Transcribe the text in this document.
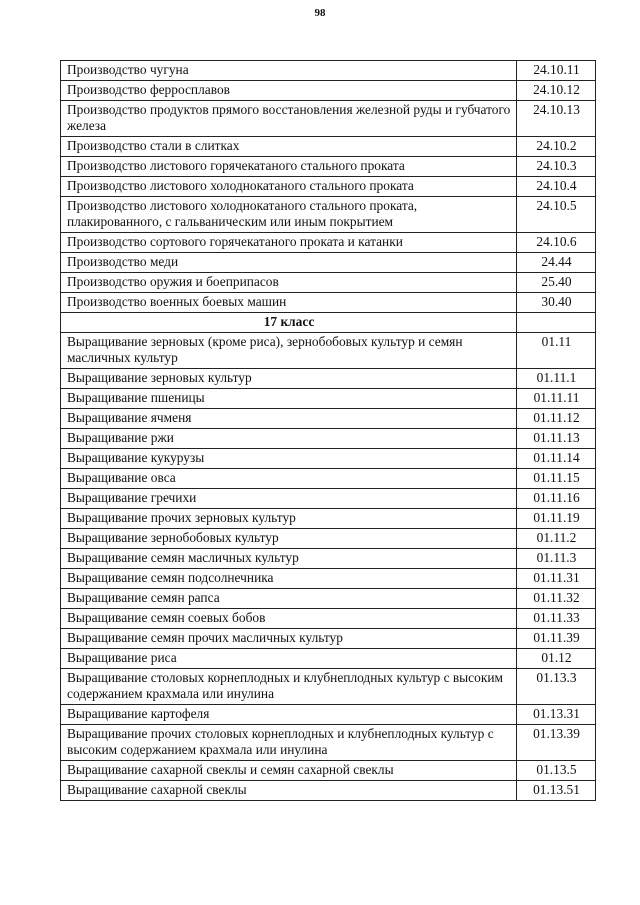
98
Производство чугуна	24.10.11
Производство ферросплавов	24.10.12
Производство продуктов прямого восстановления железной руды и губчатого железа	24.10.13
Производство стали в слитках	24.10.2
Производство листового горячекатаного стального проката	24.10.3
Производство листового холоднокатаного стального проката	24.10.4
Производство листового холоднокатаного стального проката, плакированного, с гальваническим или иным покрытием	24.10.5
Производство сортового горячекатаного проката и катанки	24.10.6
Производство меди	24.44
Производство оружия и боеприпасов	25.40
Производство военных боевых машин	30.40
17 класс	
Выращивание зерновых (кроме риса), зернобобовых культур и семян масличных культур	01.11
Выращивание зерновых культур	01.11.1
Выращивание пшеницы	01.11.11
Выращивание ячменя	01.11.12
Выращивание ржи	01.11.13
Выращивание кукурузы	01.11.14
Выращивание овса	01.11.15
Выращивание гречихи	01.11.16
Выращивание прочих зерновых культур	01.11.19
Выращивание зернобобовых культур	01.11.2
Выращивание семян масличных культур	01.11.3
Выращивание семян подсолнечника	01.11.31
Выращивание семян рапса	01.11.32
Выращивание семян соевых бобов	01.11.33
Выращивание семян прочих масличных культур	01.11.39
Выращивание риса	01.12
Выращивание столовых корнеплодных и клубнеплодных культур с высоким содержанием крахмала или инулина	01.13.3
Выращивание картофеля	01.13.31
Выращивание прочих столовых корнеплодных и клубнеплодных культур с высоким содержанием крахмала или инулина	01.13.39
Выращивание сахарной свеклы и семян сахарной свеклы	01.13.5
Выращивание сахарной свеклы	01.13.51
